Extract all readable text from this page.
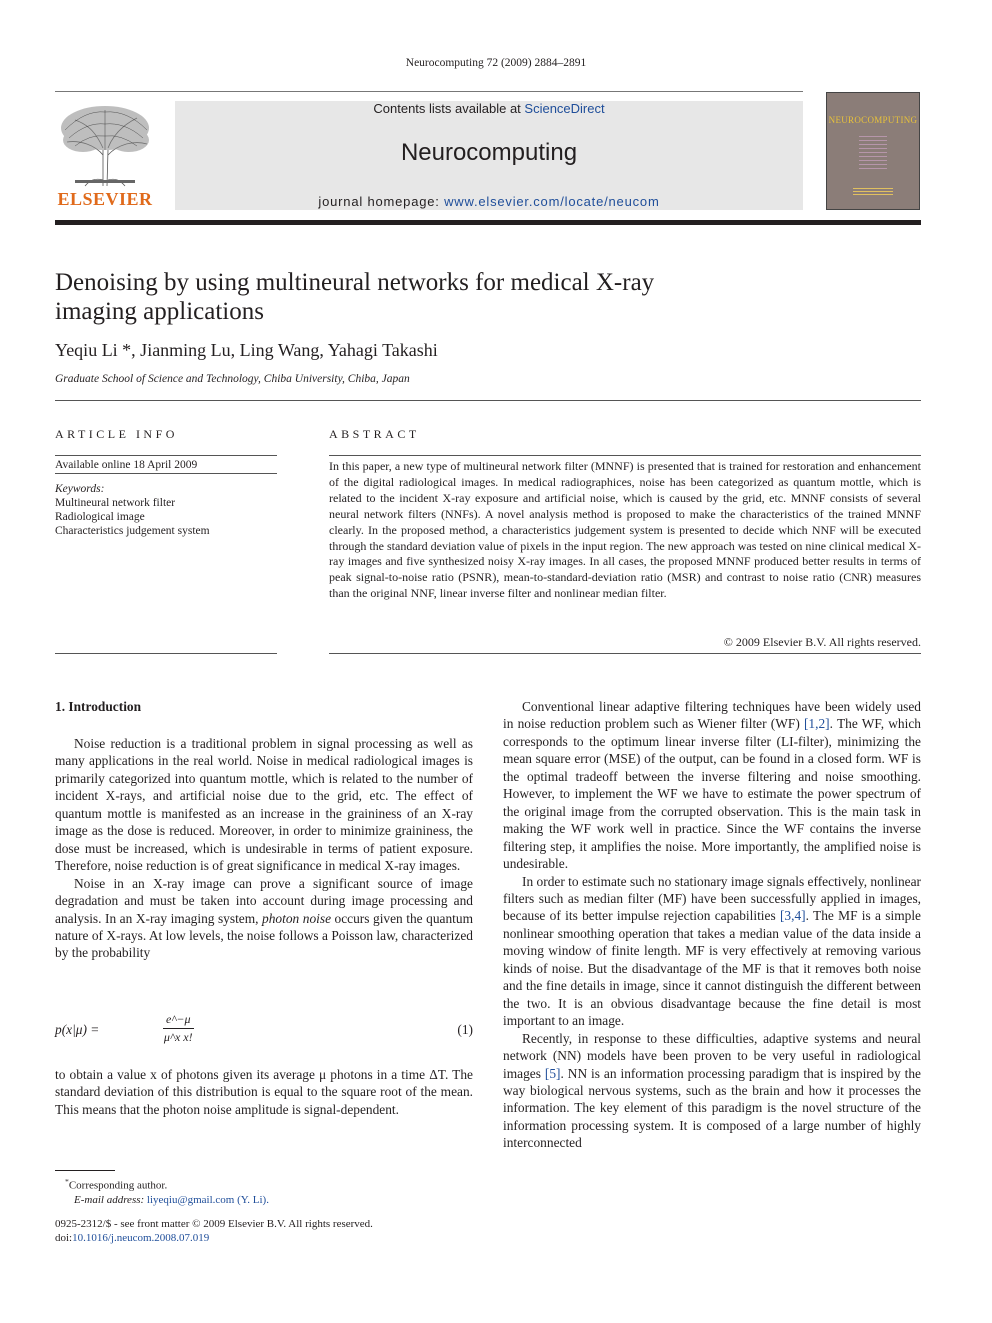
Neurocomputing 72 (2009) 2884–2891
ELSEVIER
Contents lists available at ScienceDirect
Neurocomputing
journal homepage: www.elsevier.com/locate/neucom
NEUROCOMPUTING
Denoising by using multineural networks for medical X-ray
imaging applications
Yeqiu Li *, Jianming Lu, Ling Wang, Yahagi Takashi
Graduate School of Science and Technology, Chiba University, Chiba, Japan
ARTICLE INFO	ABSTRACT
Available online 18 April 2009
Keywords:
Multineural network filter
Radiological image
Characteristics judgement system
In this paper, a new type of multineural network filter (MNNF) is presented that is trained for restoration and enhancement of the digital radiological images. In medical radiographices, noise has been categorized as quantum mottle, which is related to the incident X-ray exposure and artificial noise, which is caused by the grid, etc. MNNF consists of several neural network filters (NNFs). A novel analysis method is proposed to make the characteristics of the trained MNNF clearly. In the proposed method, a characteristics judgement system is presented to decide which NNF will be executed through the standard deviation value of pixels in the input region. The new approach was tested on nine clinical medical X-ray images and five synthesized noisy X-ray images. In all cases, the proposed MNNF produced better results in terms of peak signal-to-noise ratio (PSNR), mean-to-standard-deviation ratio (MSR) and contrast to noise ratio (CNR) measures than the original NNF, linear inverse filter and nonlinear median filter.
© 2009 Elsevier B.V. All rights reserved.
1. Introduction

Noise reduction is a traditional problem in signal processing as well as many applications in the real world. Noise in medical radiological images is primarily categorized into quantum mottle, which is related to the number of incident X-rays, and artificial noise due to the grid, etc. The effect of quantum mottle is manifested as an increase in the graininess of an X-ray image as the dose is reduced. Moreover, in order to minimize graininess, the dose must be increased, which is undesirable in terms of patient exposure. Therefore, noise reduction is of great significance in medical X-ray images.

Noise in an X-ray image can prove a significant source of image degradation and must be taken into account during image processing and analysis. In an X-ray imaging system, photon noise occurs given the quantum nature of X-rays. At low levels, the noise follows a Poisson law, characterized by the probability

p(x|μ) =	$\frac{e\^{}-\mu}{\text{μ\textasciicircum{}x x!}}$	(1)

to obtain a value x of photons given its average μ photons in a time ΔT. The standard deviation of this distribution is equal to the square root of the mean. This means that the photon noise amplitude is signal-dependent.

Conventional linear adaptive filtering techniques have been widely used in noise reduction problem such as Wiener filter (WF) [1,2]. The WF, which corresponds to the optimum linear inverse filter (LI-filter), minimizing the mean square error (MSE) of the output, can be found in a closed form. WF is the optimal tradeoff between the inverse filtering and noise smoothing. However, to implement the WF we have to estimate the power spectrum of the original image from the corrupted observation. This is the main task in making the WF work well in practice. Since the WF contains the inverse filtering step, it amplifies the noise. More importantly, the amplified noise is undesirable.

In order to estimate such no stationary image signals effectively, nonlinear filters such as median filter (MF) have been successfully applied in images, because of its better impulse rejection capabilities [3,4]. The MF is a simple nonlinear smoothing operation that takes a median value of the data inside a moving window of finite length. MF is very effectively at removing various kinds of noise. But the disadvantage of the MF is that it removes both noise and the fine details in image, since it cannot distinguish the different between the two. It is an obvious disadvantage because the fine detail is most important to an image.

Recently, in response to these difficulties, adaptive systems and neural network (NN) models have been proven to be very useful in radiological images [5]. NN is an information processing paradigm that is inspired by the way biological nervous systems, such as the brain and how it processes the information. The key element of this paradigm is the novel structure of the information processing system. It is composed of a large number of highly interconnected

*Corresponding author.
E-mail address: liyeqiu@gmail.com (Y. Li).
0925-2312/$ - see front matter © 2009 Elsevier B.V. All rights reserved.
doi:10.1016/j.neucom.2008.07.019
